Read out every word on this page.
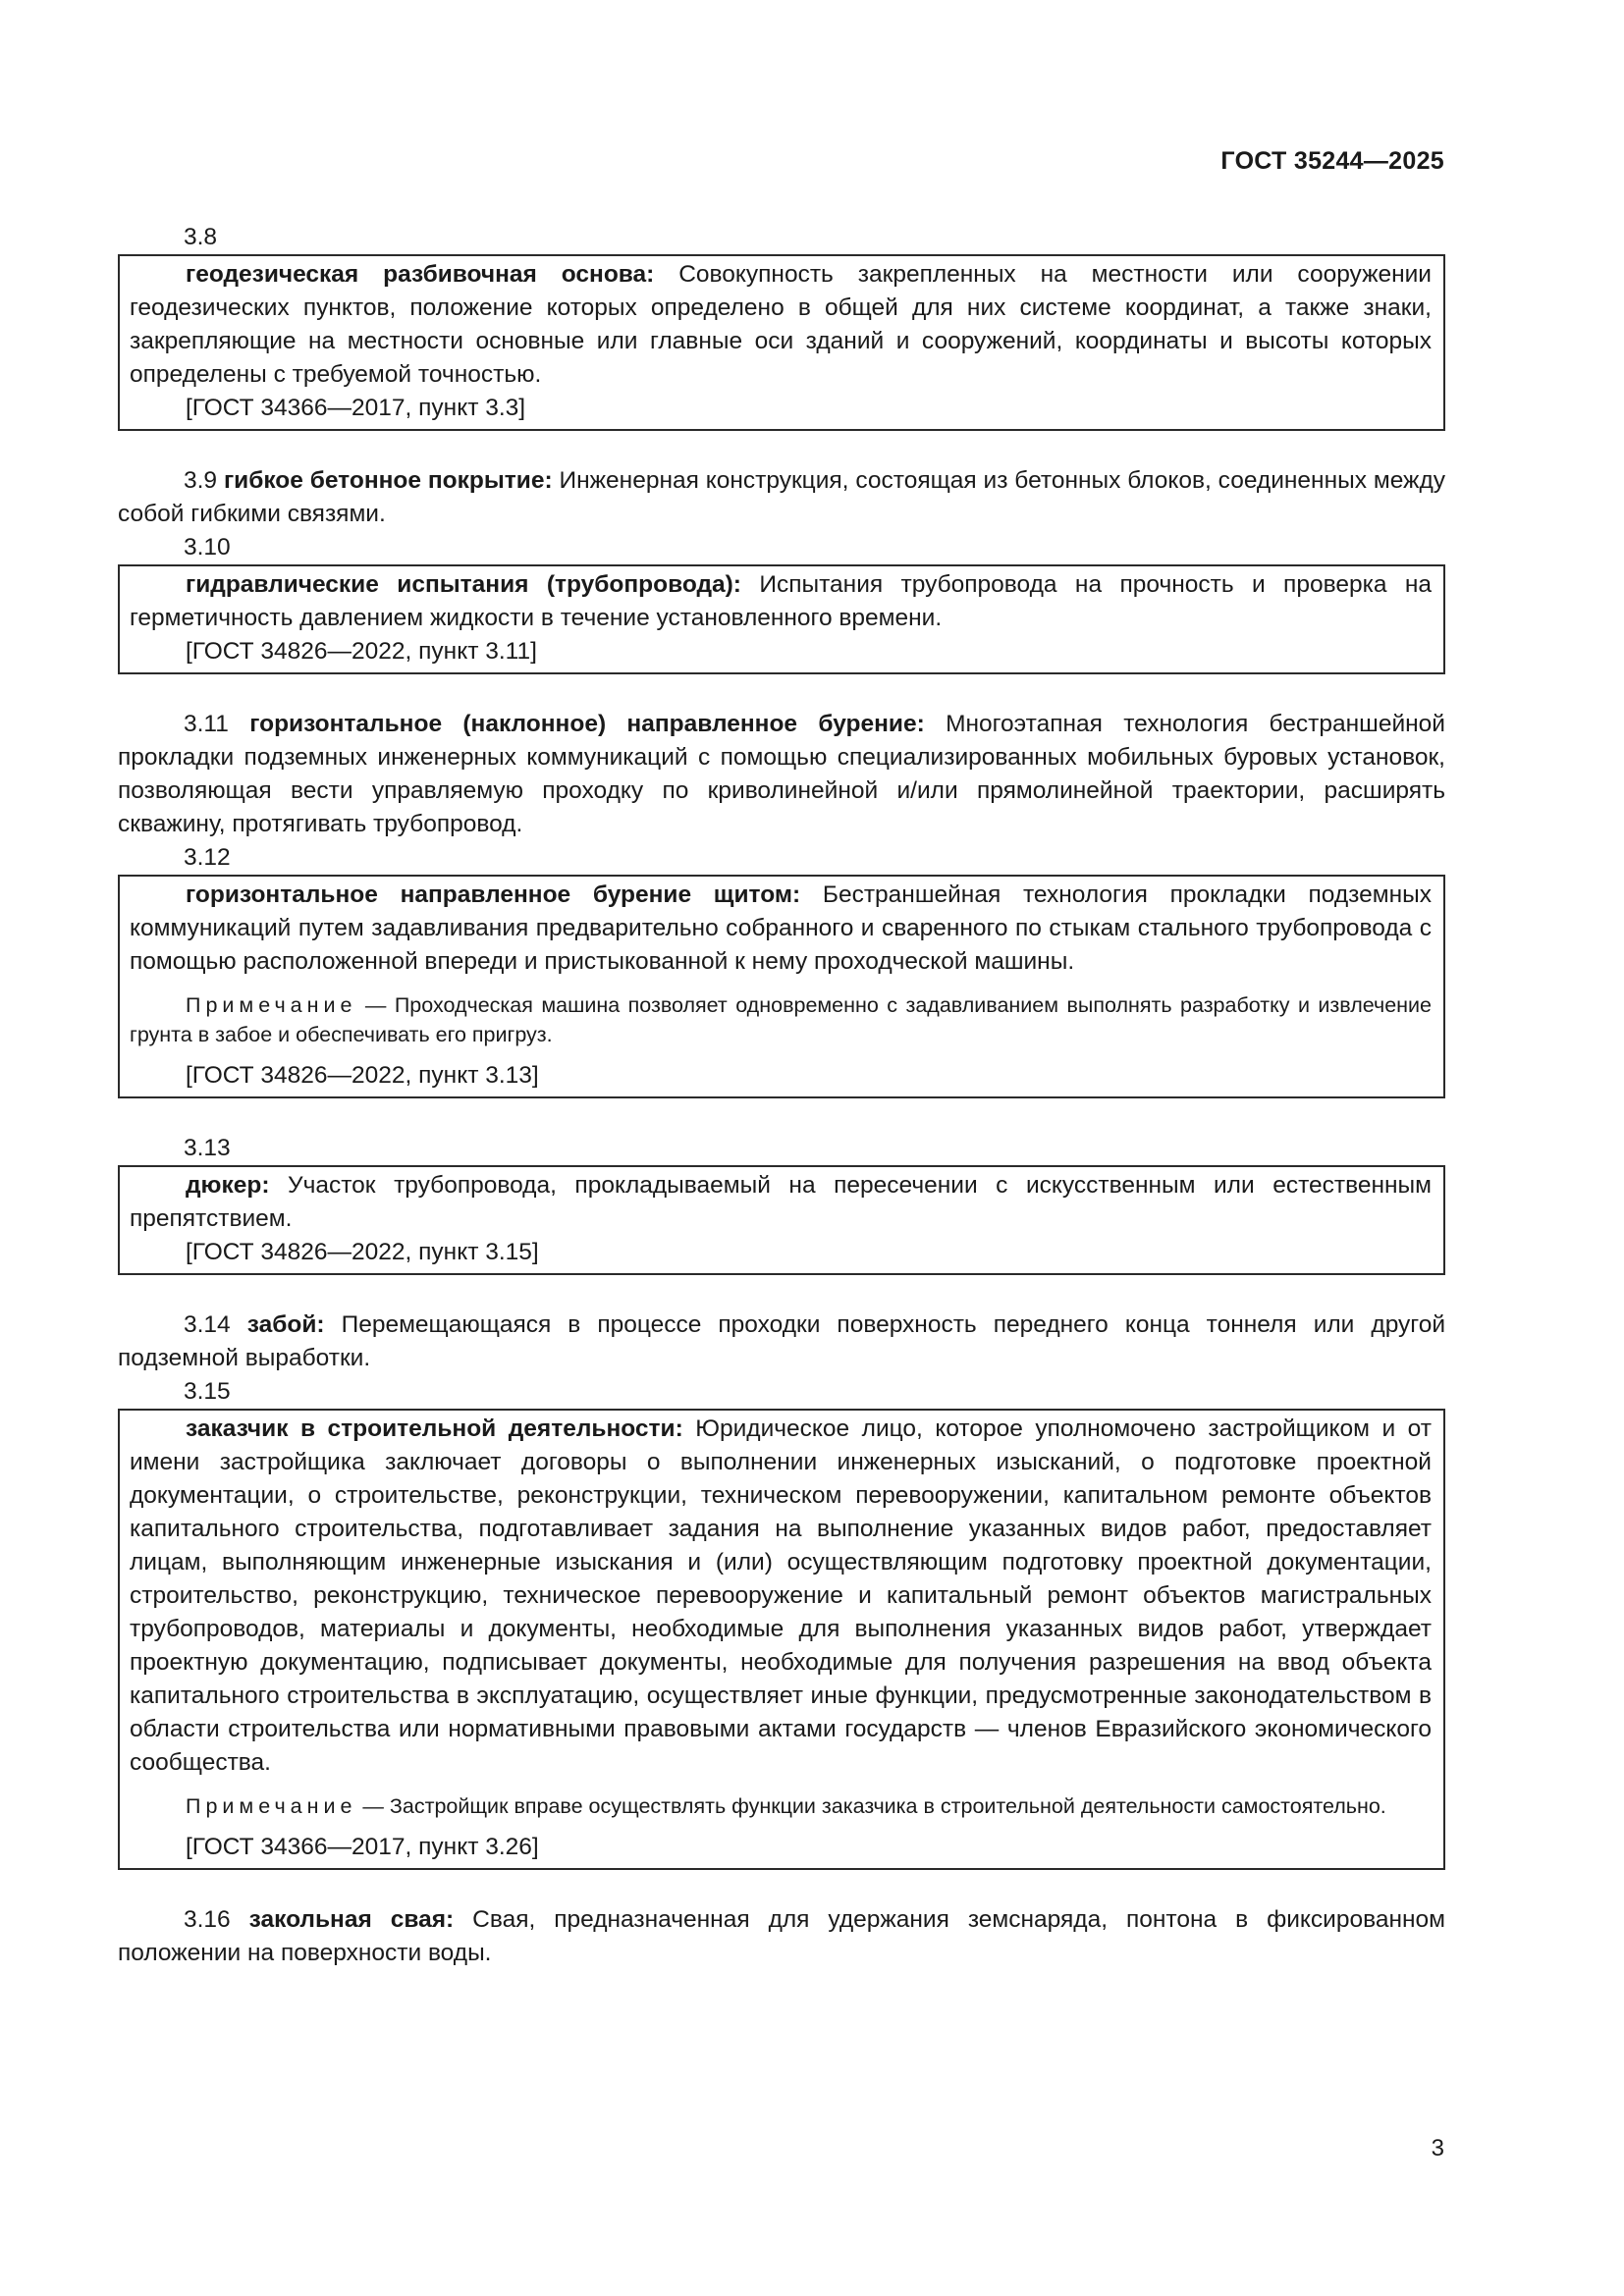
ГОСТ 35244—2025
3.8

геодезическая разбивочная основа: Совокупность закрепленных на местности или сооружении геодезических пунктов, положение которых определено в общей для них системе координат, а также знаки, закрепляющие на местности основные или главные оси зданий и сооружений, координаты и высоты которых определены с требуемой точностью.

[ГОСТ 34366—2017, пункт 3.3]

3.9 гибкое бетонное покрытие: Инженерная конструкция, состоящая из бетонных блоков, соединенных между собой гибкими связями.

3.10

гидравлические испытания (трубопровода): Испытания трубопровода на прочность и проверка на герметичность давлением жидкости в течение установленного времени.

[ГОСТ 34826—2022, пункт 3.11]

3.11 горизонтальное (наклонное) направленное бурение: Многоэтапная технология бестраншейной прокладки подземных инженерных коммуникаций с помощью специализированных мобильных буровых установок, позволяющая вести управляемую проходку по криволинейной и/или прямолинейной траектории, расширять скважину, протягивать трубопровод.

3.12

горизонтальное направленное бурение щитом: Бестраншейная технология прокладки подземных коммуникаций путем задавливания предварительно собранного и сваренного по стыкам стального трубопровода с помощью расположенной впереди и пристыкованной к нему проходческой машины.

Примечание — Проходческая машина позволяет одновременно с задавливанием выполнять разработку и извлечение грунта в забое и обеспечивать его пригруз.

[ГОСТ 34826—2022, пункт 3.13]
3.13

дюкер: Участок трубопровода, прокладываемый на пересечении с искусственным или естественным препятствием.

[ГОСТ 34826—2022, пункт 3.15]

3.14 забой: Перемещающаяся в процессе проходки поверхность переднего конца тоннеля или другой подземной выработки.

3.15

заказчик в строительной деятельности: Юридическое лицо, которое уполномочено застройщиком и от имени застройщика заключает договоры о выполнении инженерных изысканий, о подготовке проектной документации, о строительстве, реконструкции, техническом перевооружении, капитальном ремонте объектов капитального строительства, подготавливает задания на выполнение указанных видов работ, предоставляет лицам, выполняющим инженерные изыскания и (или) осуществляющим подготовку проектной документации, строительство, реконструкцию, техническое перевооружение и капитальный ремонт объектов магистральных трубопроводов, материалы и документы, необходимые для выполнения указанных видов работ, утверждает проектную документацию, подписывает документы, необходимые для получения разрешения на ввод объекта капитального строительства в эксплуатацию, осуществляет иные функции, предусмотренные законодательством в области строительства или нормативными правовыми актами государств — членов Евразийского экономического сообщества.

Примечание — Застройщик вправе осуществлять функции заказчика в строительной деятельности самостоятельно.

[ГОСТ 34366—2017, пункт 3.26]

3.16 закольная свая: Свая, предназначенная для удержания земснаряда, понтона в фиксированном положении на поверхности воды.

3
